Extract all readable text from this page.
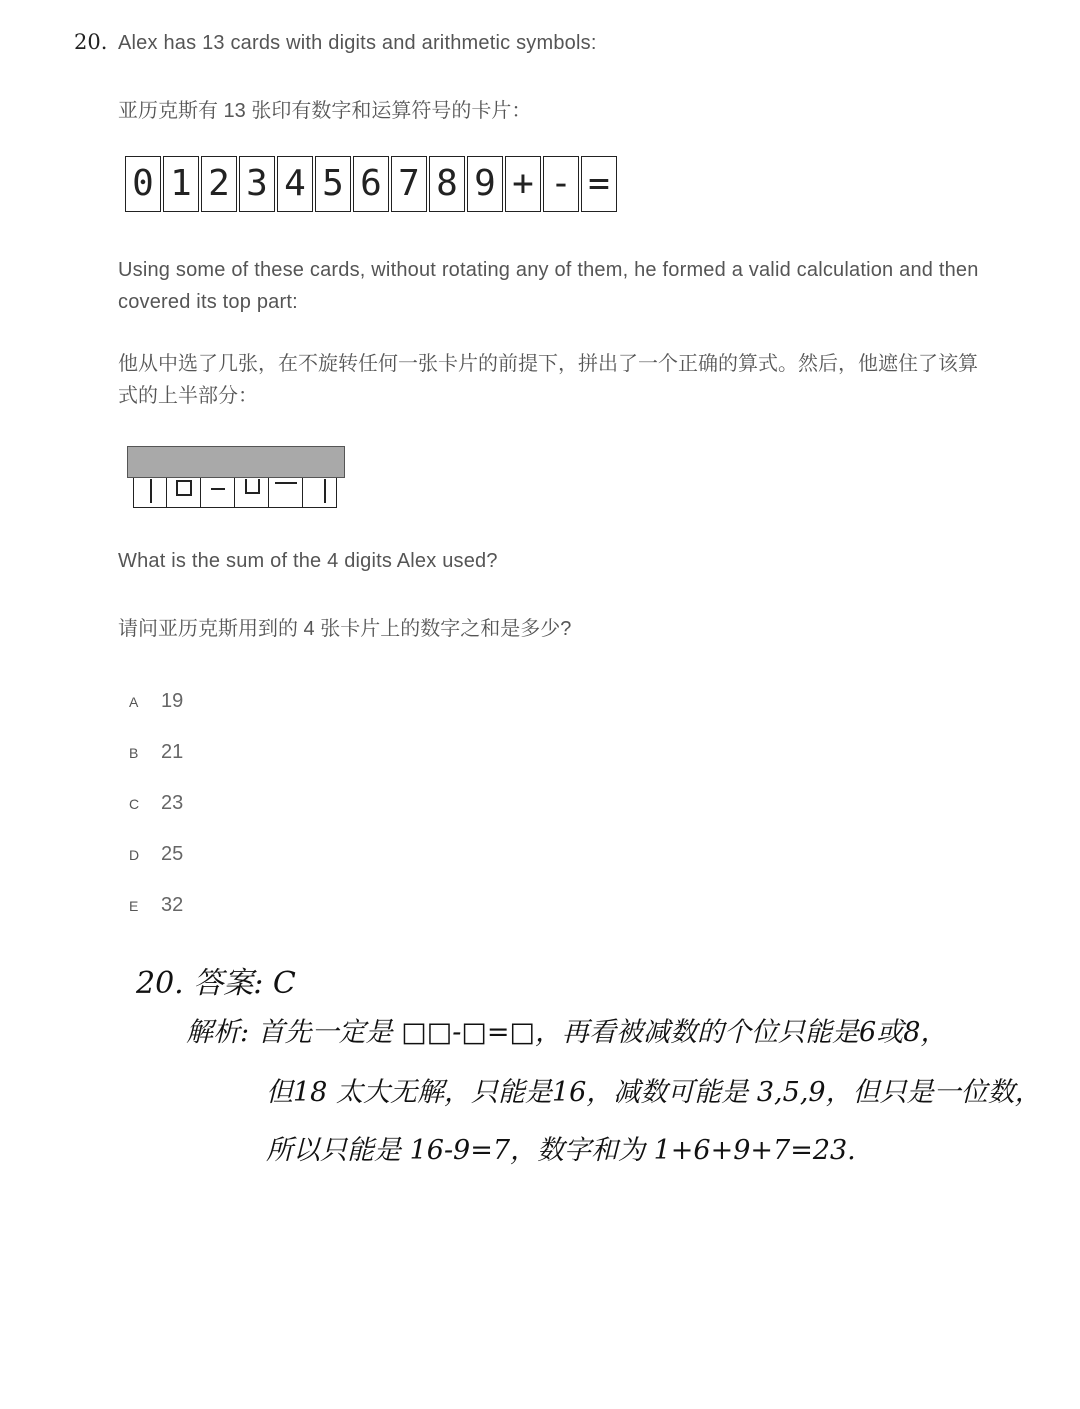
20. Alex has 13 cards with digits and arithmetic symbols:
亚历克斯有 13 张印有数字和运算符号的卡片：
0 1 2 3 4 5 6 7 8 9 + - =
Using some of these cards, without rotating any of them, he formed a valid calculation and then
covered its top part:
他从中选了几张，在不旋转任何一张卡片的前提下，拼出了一个正确的算式。然后，他遮住了该算
式的上半部分：
What is the sum of the 4 digits Alex used?
请问亚历克斯用到的 4 张卡片上的数字之和是多少?
A	19
B	21
C	23
D	25
E	32
20. 答案: C
解析: 首先一定是 □□-□=□，再看被减数的个位只能是6或8，
但18 太大无解，只能是16，减数可能是 3,5,9，但只是一位数，
所以只能是 16-9=7，数字和为 1+6+9+7=23.
